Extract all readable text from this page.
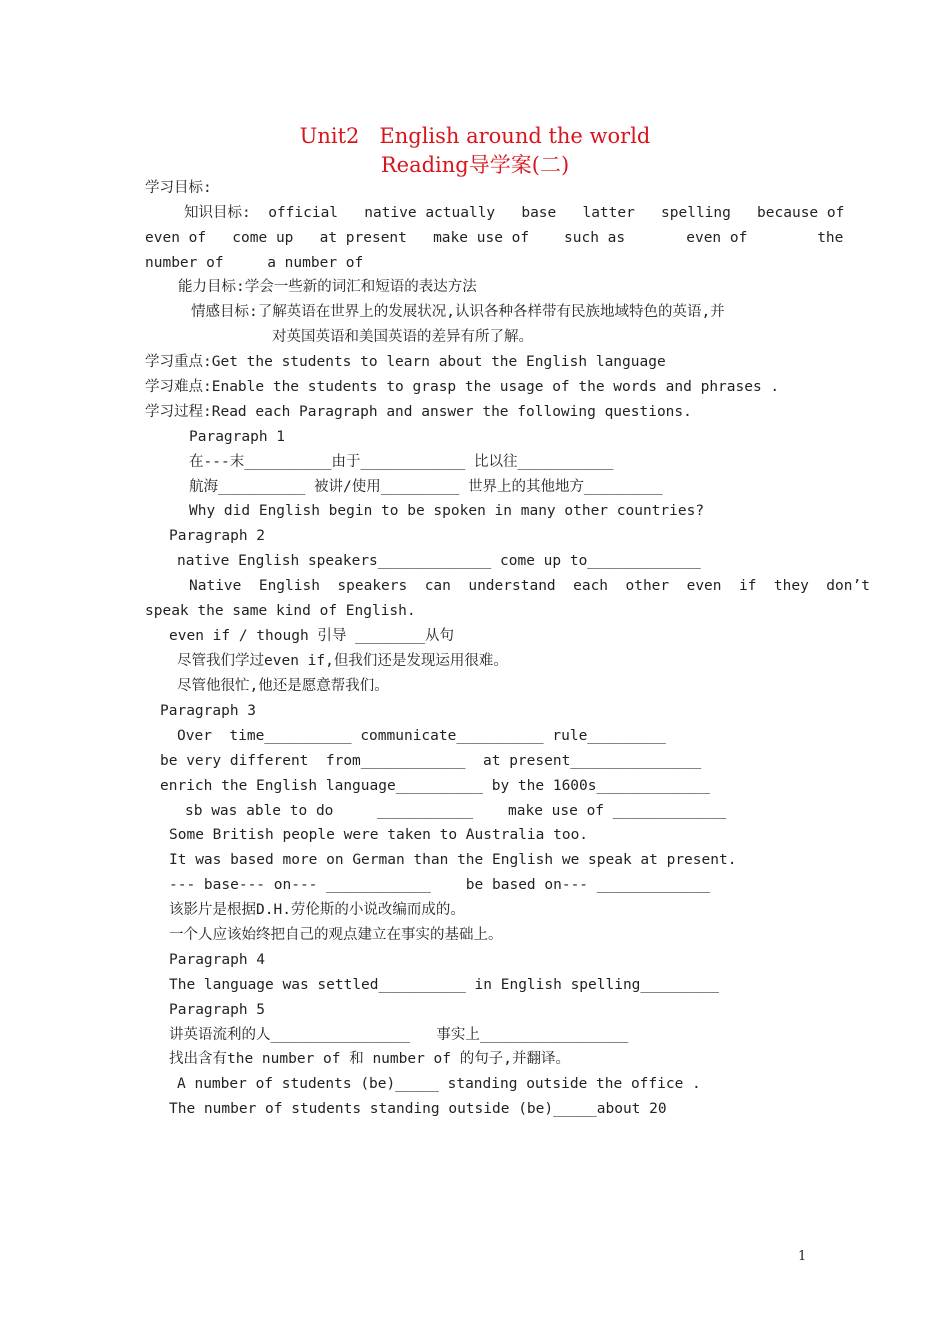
Unit2   English around the world
Reading导学案(二)
学习目标:
知识目标:  official   native actually   base   latter   spelling   because of
even of   come up   at present   make use of    such as       even of        the
number of     a number of
能力目标:学会一些新的词汇和短语的表达方法
情感目标:了解英语在世界上的发展状况,认识各种各样带有民族地域特色的英语,并
对英国英语和美国英语的差异有所了解。
学习重点:Get the students to learn about the English language
学习难点:Enable the students to grasp the usage of the words and phrases .
学习过程:Read each Paragraph and answer the following questions.
Paragraph 1
在---末__________由于____________ 比以往___________
航海__________ 被讲/使用_________ 世界上的其他地方_________
Why did English begin to be spoken in many other countries?
Paragraph 2
native English speakers_____________ come up to_____________
Native  English  speakers  can  understand  each  other  even  if  they  don’t
speak the same kind of English.
even if / though 引导 ________从句
尽管我们学过even if,但我们还是发现运用很难。
尽管他很忙,他还是愿意帮我们。
Paragraph 3
Over  time__________ communicate__________ rule_________
be very different  from____________  at present_______________
enrich the English language__________ by the 1600s_____________
sb was able to do     ___________    make use of _____________
Some British people were taken to Australia too.
It was based more on German than the English we speak at present.
--- base--- on--- ____________    be based on--- _____________
该影片是根据D.H.劳伦斯的小说改编而成的。
一个人应该始终把自己的观点建立在事实的基础上。
Paragraph 4
The language was settled__________ in English spelling_________
Paragraph 5
讲英语流利的人________________   事实上_________________
找出含有the number of 和 number of 的句子,并翻译。
A number of students (be)_____ standing outside the office .
The number of students standing outside (be)_____about 20
1
